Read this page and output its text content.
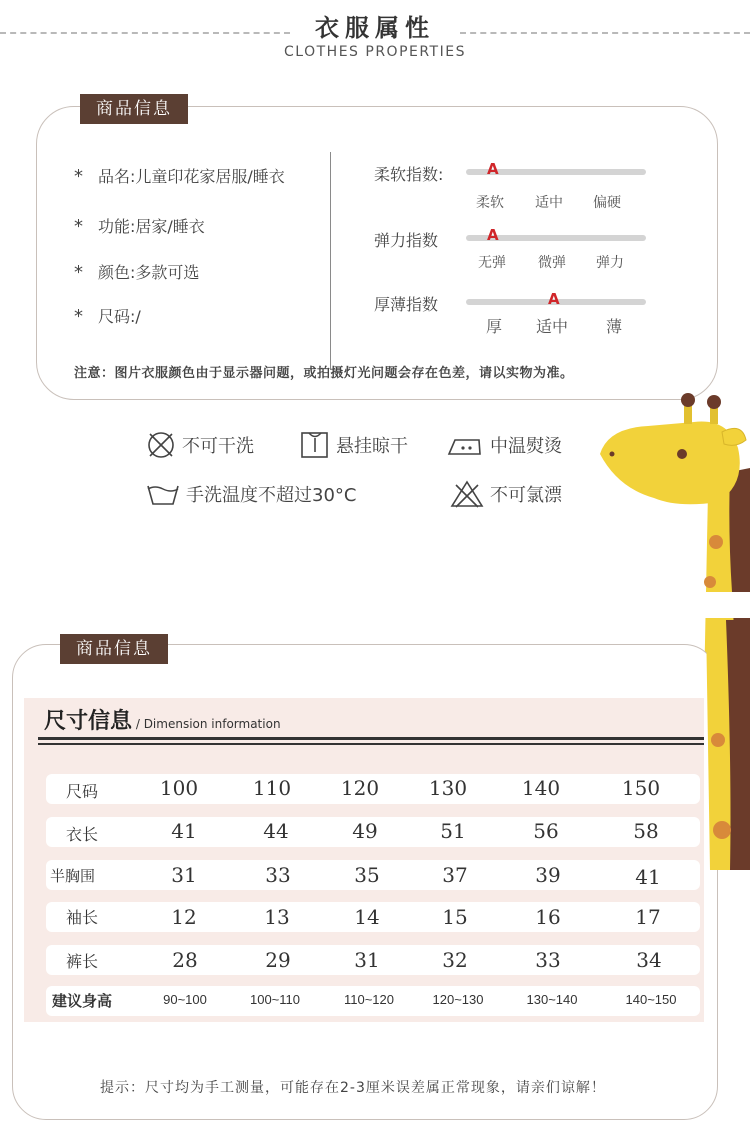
衣服属性
CLOTHES PROPERTIES
商品信息
* 品名:儿童印花家居服/睡衣
* 功能:居家/睡衣
* 颜色:多款可选
* 尺码:/
柔软指数:	A
柔软 适中 偏硬
弹力指数	A
无弹 微弹 弹力
厚薄指数	A
厚 适中 薄
注意：图片衣服颜色由于显示器问题，或拍摄灯光问题会存在色差，请以实物为准。
不可干洗	悬挂晾干	中温熨烫
手洗温度不超过30°C	不可氯漂
商品信息
尺寸信息 / Dimension information
尺码	100	110	120	130	140	150
衣长	41	44	49	51	56	58
半胸围	31	33	35	37	39	41
袖长	12	13	14	15	16	17
裤长	28	29	31	32	33	34
建议身高	90~100	100~110	110~120	120~130	130~140	140~150
提示：尺寸均为手工测量，可能存在2-3厘米误差属正常现象，请亲们谅解！
